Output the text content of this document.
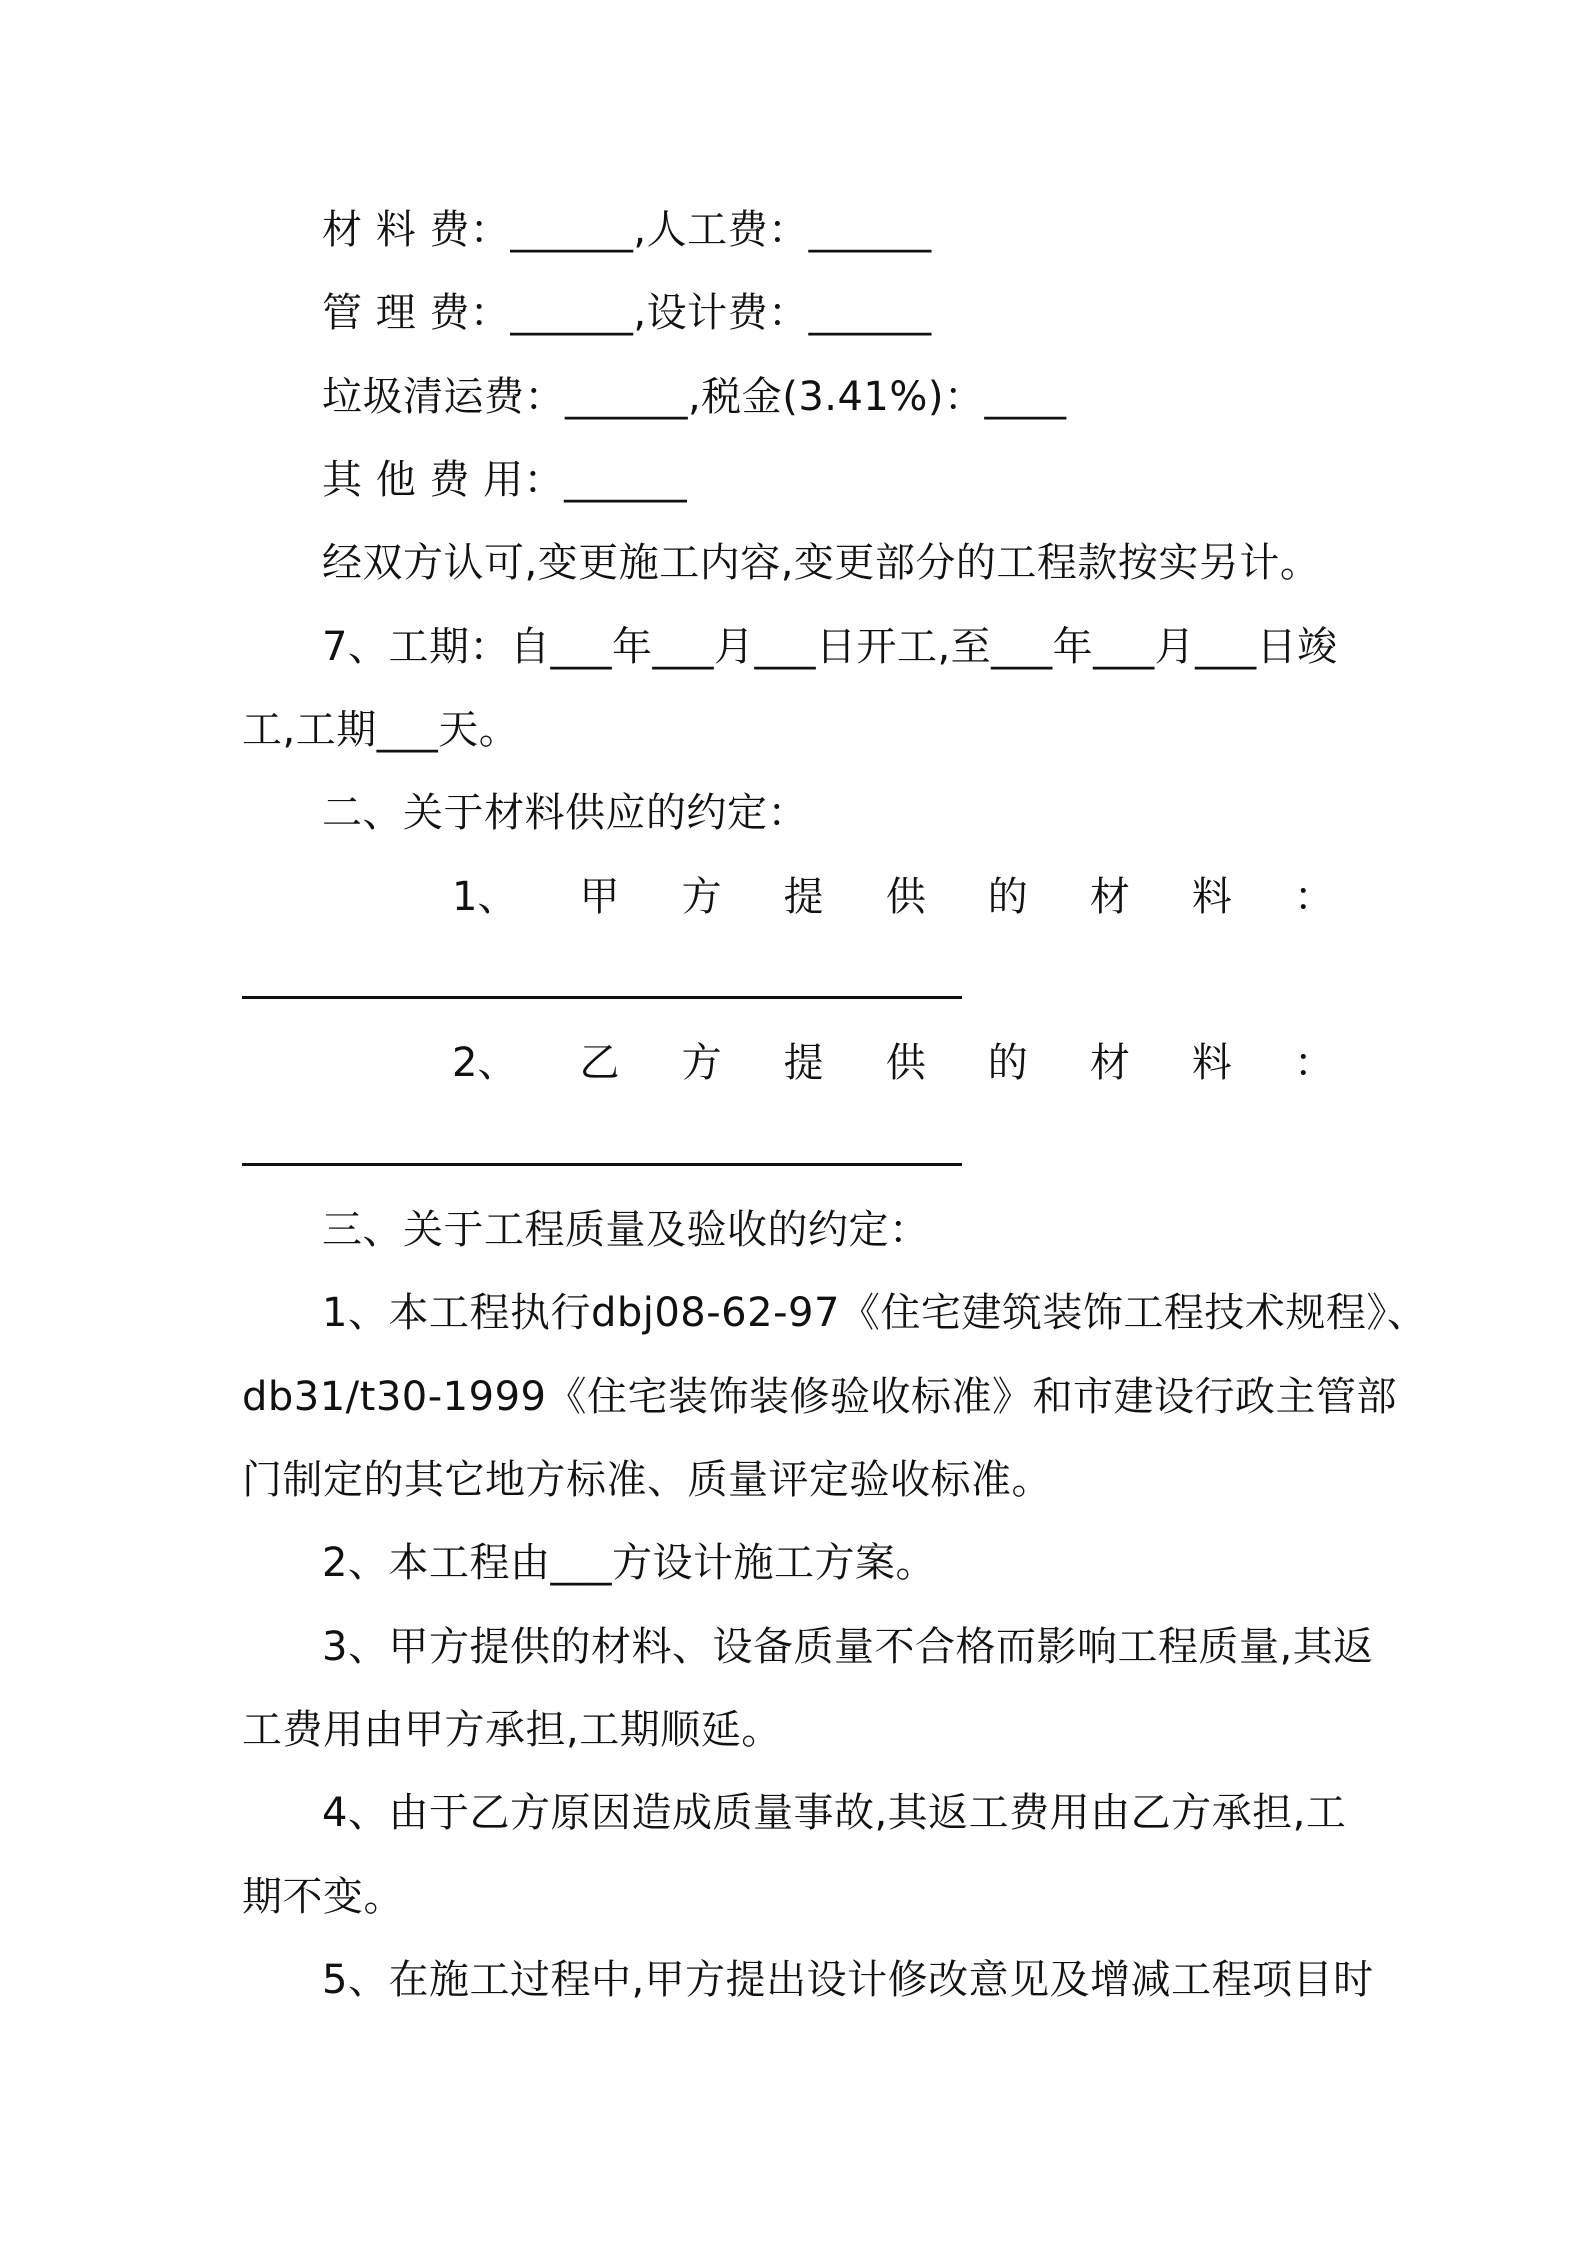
材 料 费：______,人工费：______
管 理 费：______,设计费：______
垃圾清运费：______,税金(3.41%)：____
其 他 费 用：______
经双方认可,变更施工内容,变更部分的工程款按实另计。
7、工期：自___年___月___日开工,至___年___月___日竣
工,工期___天。
二、关于材料供应的约定：
1、 甲 方 提 供 的 材 料 ：
2、 乙 方 提 供 的 材 料 ：
三、关于工程质量及验收的约定：
1、本工程执行dbj08-62-97《住宅建筑装饰工程技术规程》、
db31/t30-1999《住宅装饰装修验收标准》和市建设行政主管部
门制定的其它地方标准、质量评定验收标准。
2、本工程由___方设计施工方案。
3、甲方提供的材料、设备质量不合格而影响工程质量,其返
工费用由甲方承担,工期顺延。
4、由于乙方原因造成质量事故,其返工费用由乙方承担,工
期不变。
5、在施工过程中,甲方提出设计修改意见及增减工程项目时
